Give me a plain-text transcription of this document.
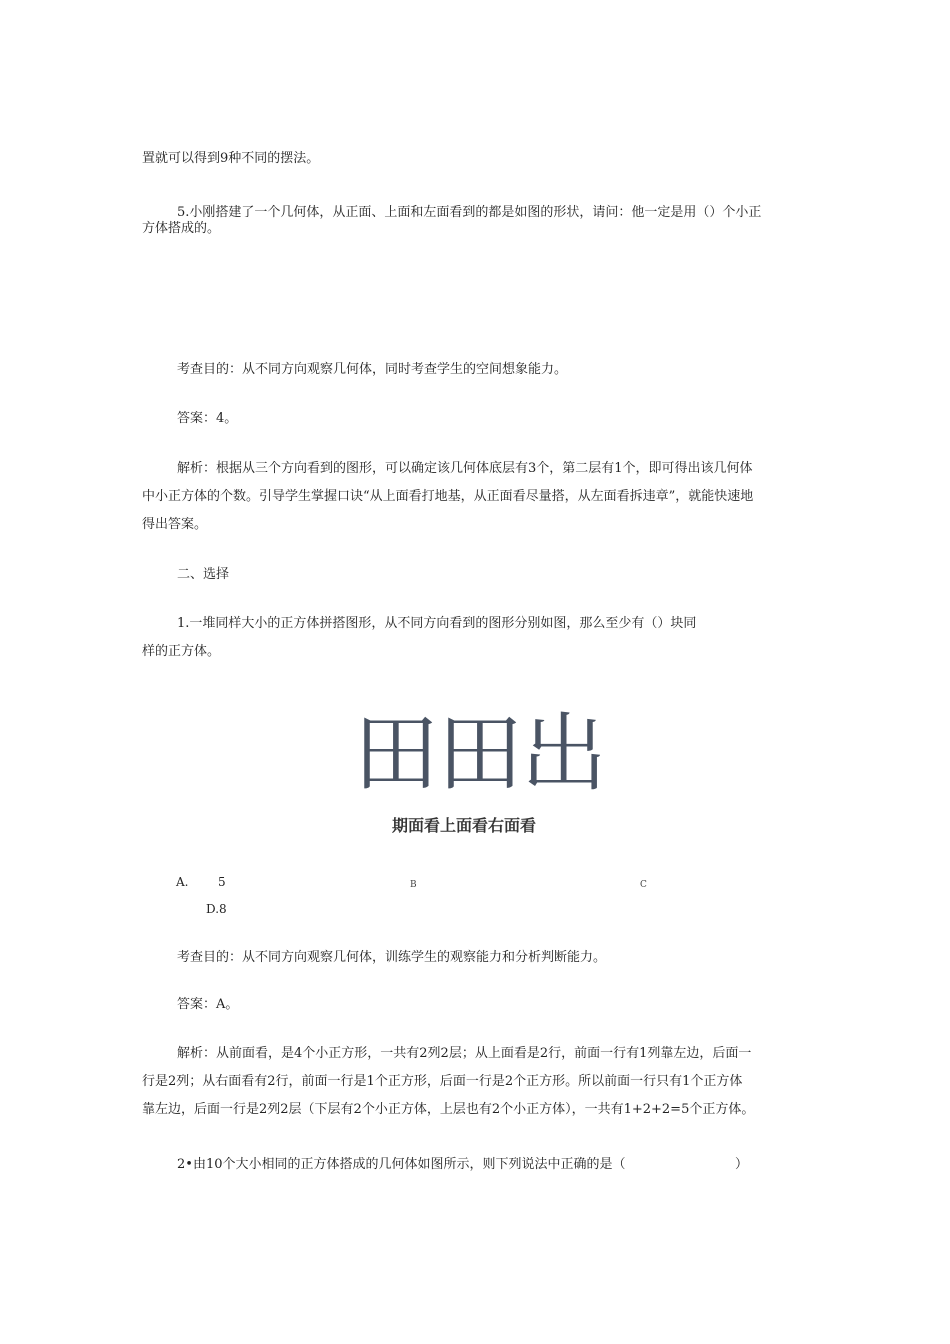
置就可以得到9种不同的摆法。
5.小刚搭建了一个几何体，从正面、上面和左面看到的都是如图的形状，请问：他一定是用（）个小正
方体搭成的。
考查目的：从不同方向观察几何体，同时考查学生的空间想象能力。
答案：4。
解析：根据从三个方向看到的图形，可以确定该几何体底层有3个，第二层有1个，即可得出该几何体
中小正方体的个数。引导学生掌握口诀“从上面看打地基，从正面看尽量搭，从左面看拆违章”，就能快速地
得出答案。
二、选择
1.一堆同样大小的正方体拼搭图形，从不同方向看到的图形分别如图，那么至少有（）块同
样的正方体。
田田出
期面看上面看右面看
A. 5	B	C
D.8
考查目的：从不同方向观察几何体，训练学生的观察能力和分析判断能力。
答案：A。
解析：从前面看，是4个小正方形，一共有2列2层；从上面看是2行，前面一行有1列靠左边，后面一
行是2列；从右面看有2行，前面一行是1个正方形，后面一行是2个正方形。所以前面一行只有1个正方体
靠左边，后面一行是2列2层（下层有2个小正方体，上层也有2个小正方体），一共有1+2+2=5个正方体。
2•由10个大小相同的正方体搭成的几何体如图所示，则下列说法中正确的是（	）
